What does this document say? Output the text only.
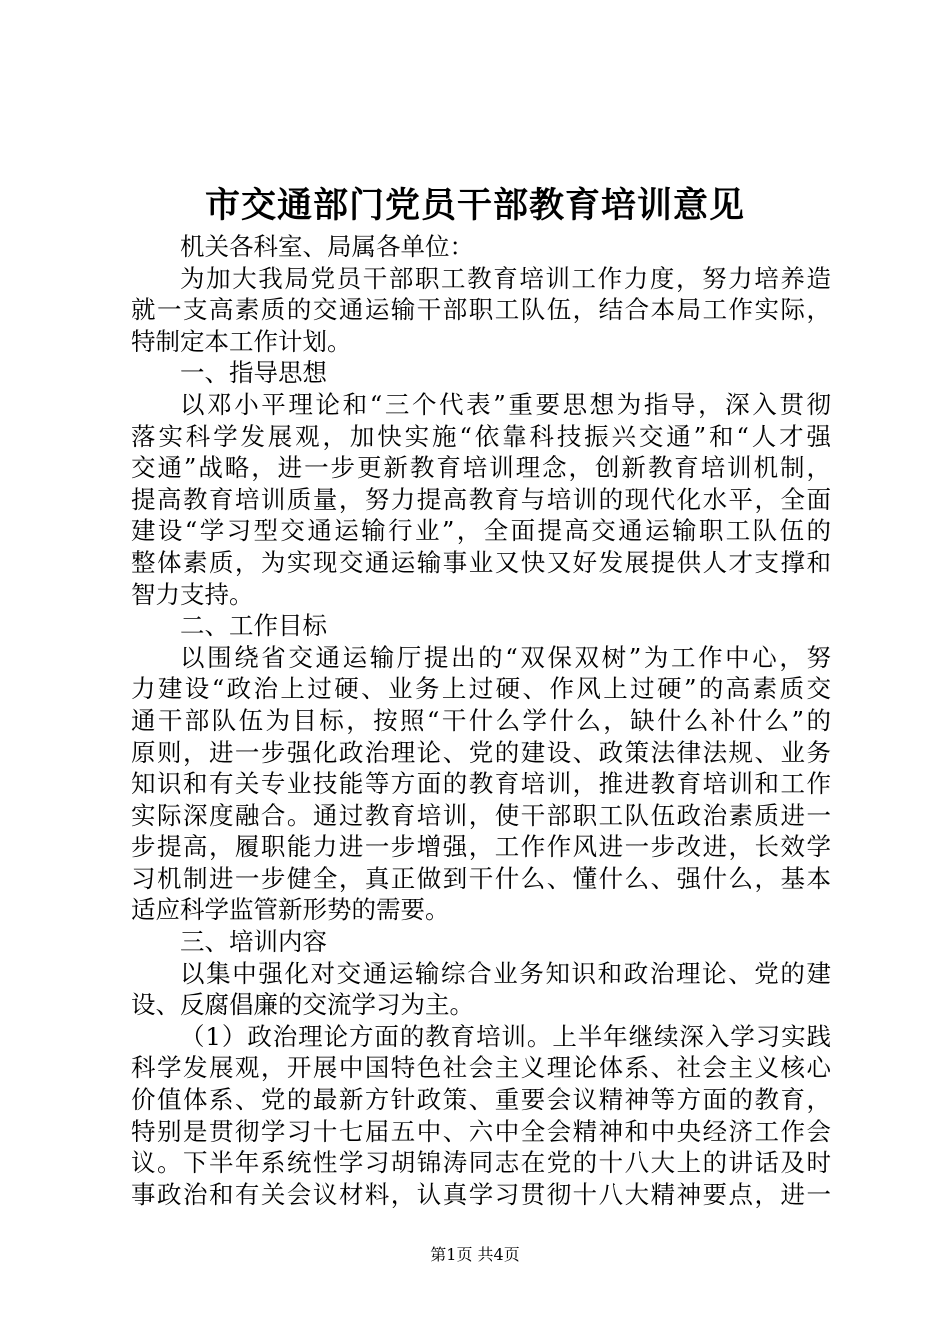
市交通部门党员干部教育培训意见
机关各科室、局属各单位：
为加大我局党员干部职工教育培训工作力度，努力培养造
就一支高素质的交通运输干部职工队伍，结合本局工作实际，
特制定本工作计划。
一、指导思想
以邓小平理论和“三个代表”重要思想为指导，深入贯彻
落实科学发展观，加快实施“依靠科技振兴交通”和“人才强
交通”战略，进一步更新教育培训理念，创新教育培训机制，
提高教育培训质量，努力提高教育与培训的现代化水平，全面
建设“学习型交通运输行业”，全面提高交通运输职工队伍的
整体素质，为实现交通运输事业又快又好发展提供人才支撑和
智力支持。
二、工作目标
以围绕省交通运输厅提出的“双保双树”为工作中心，努
力建设“政治上过硬、业务上过硬、作风上过硬”的高素质交
通干部队伍为目标，按照“干什么学什么，缺什么补什么”的
原则，进一步强化政治理论、党的建设、政策法律法规、业务
知识和有关专业技能等方面的教育培训，推进教育培训和工作
实际深度融合。通过教育培训，使干部职工队伍政治素质进一
步提高，履职能力进一步增强，工作作风进一步改进，长效学
习机制进一步健全，真正做到干什么、懂什么、强什么，基本
适应科学监管新形势的需要。
三、培训内容
以集中强化对交通运输综合业务知识和政治理论、党的建
设、反腐倡廉的交流学习为主。
（1）政治理论方面的教育培训。上半年继续深入学习实践
科学发展观，开展中国特色社会主义理论体系、社会主义核心
价值体系、党的最新方针政策、重要会议精神等方面的教育，
特别是贯彻学习十七届五中、六中全会精神和中央经济工作会
议。下半年系统性学习胡锦涛同志在党的十八大上的讲话及时
事政治和有关会议材料，认真学习贯彻十八大精神要点，进一
第1页 共4页
